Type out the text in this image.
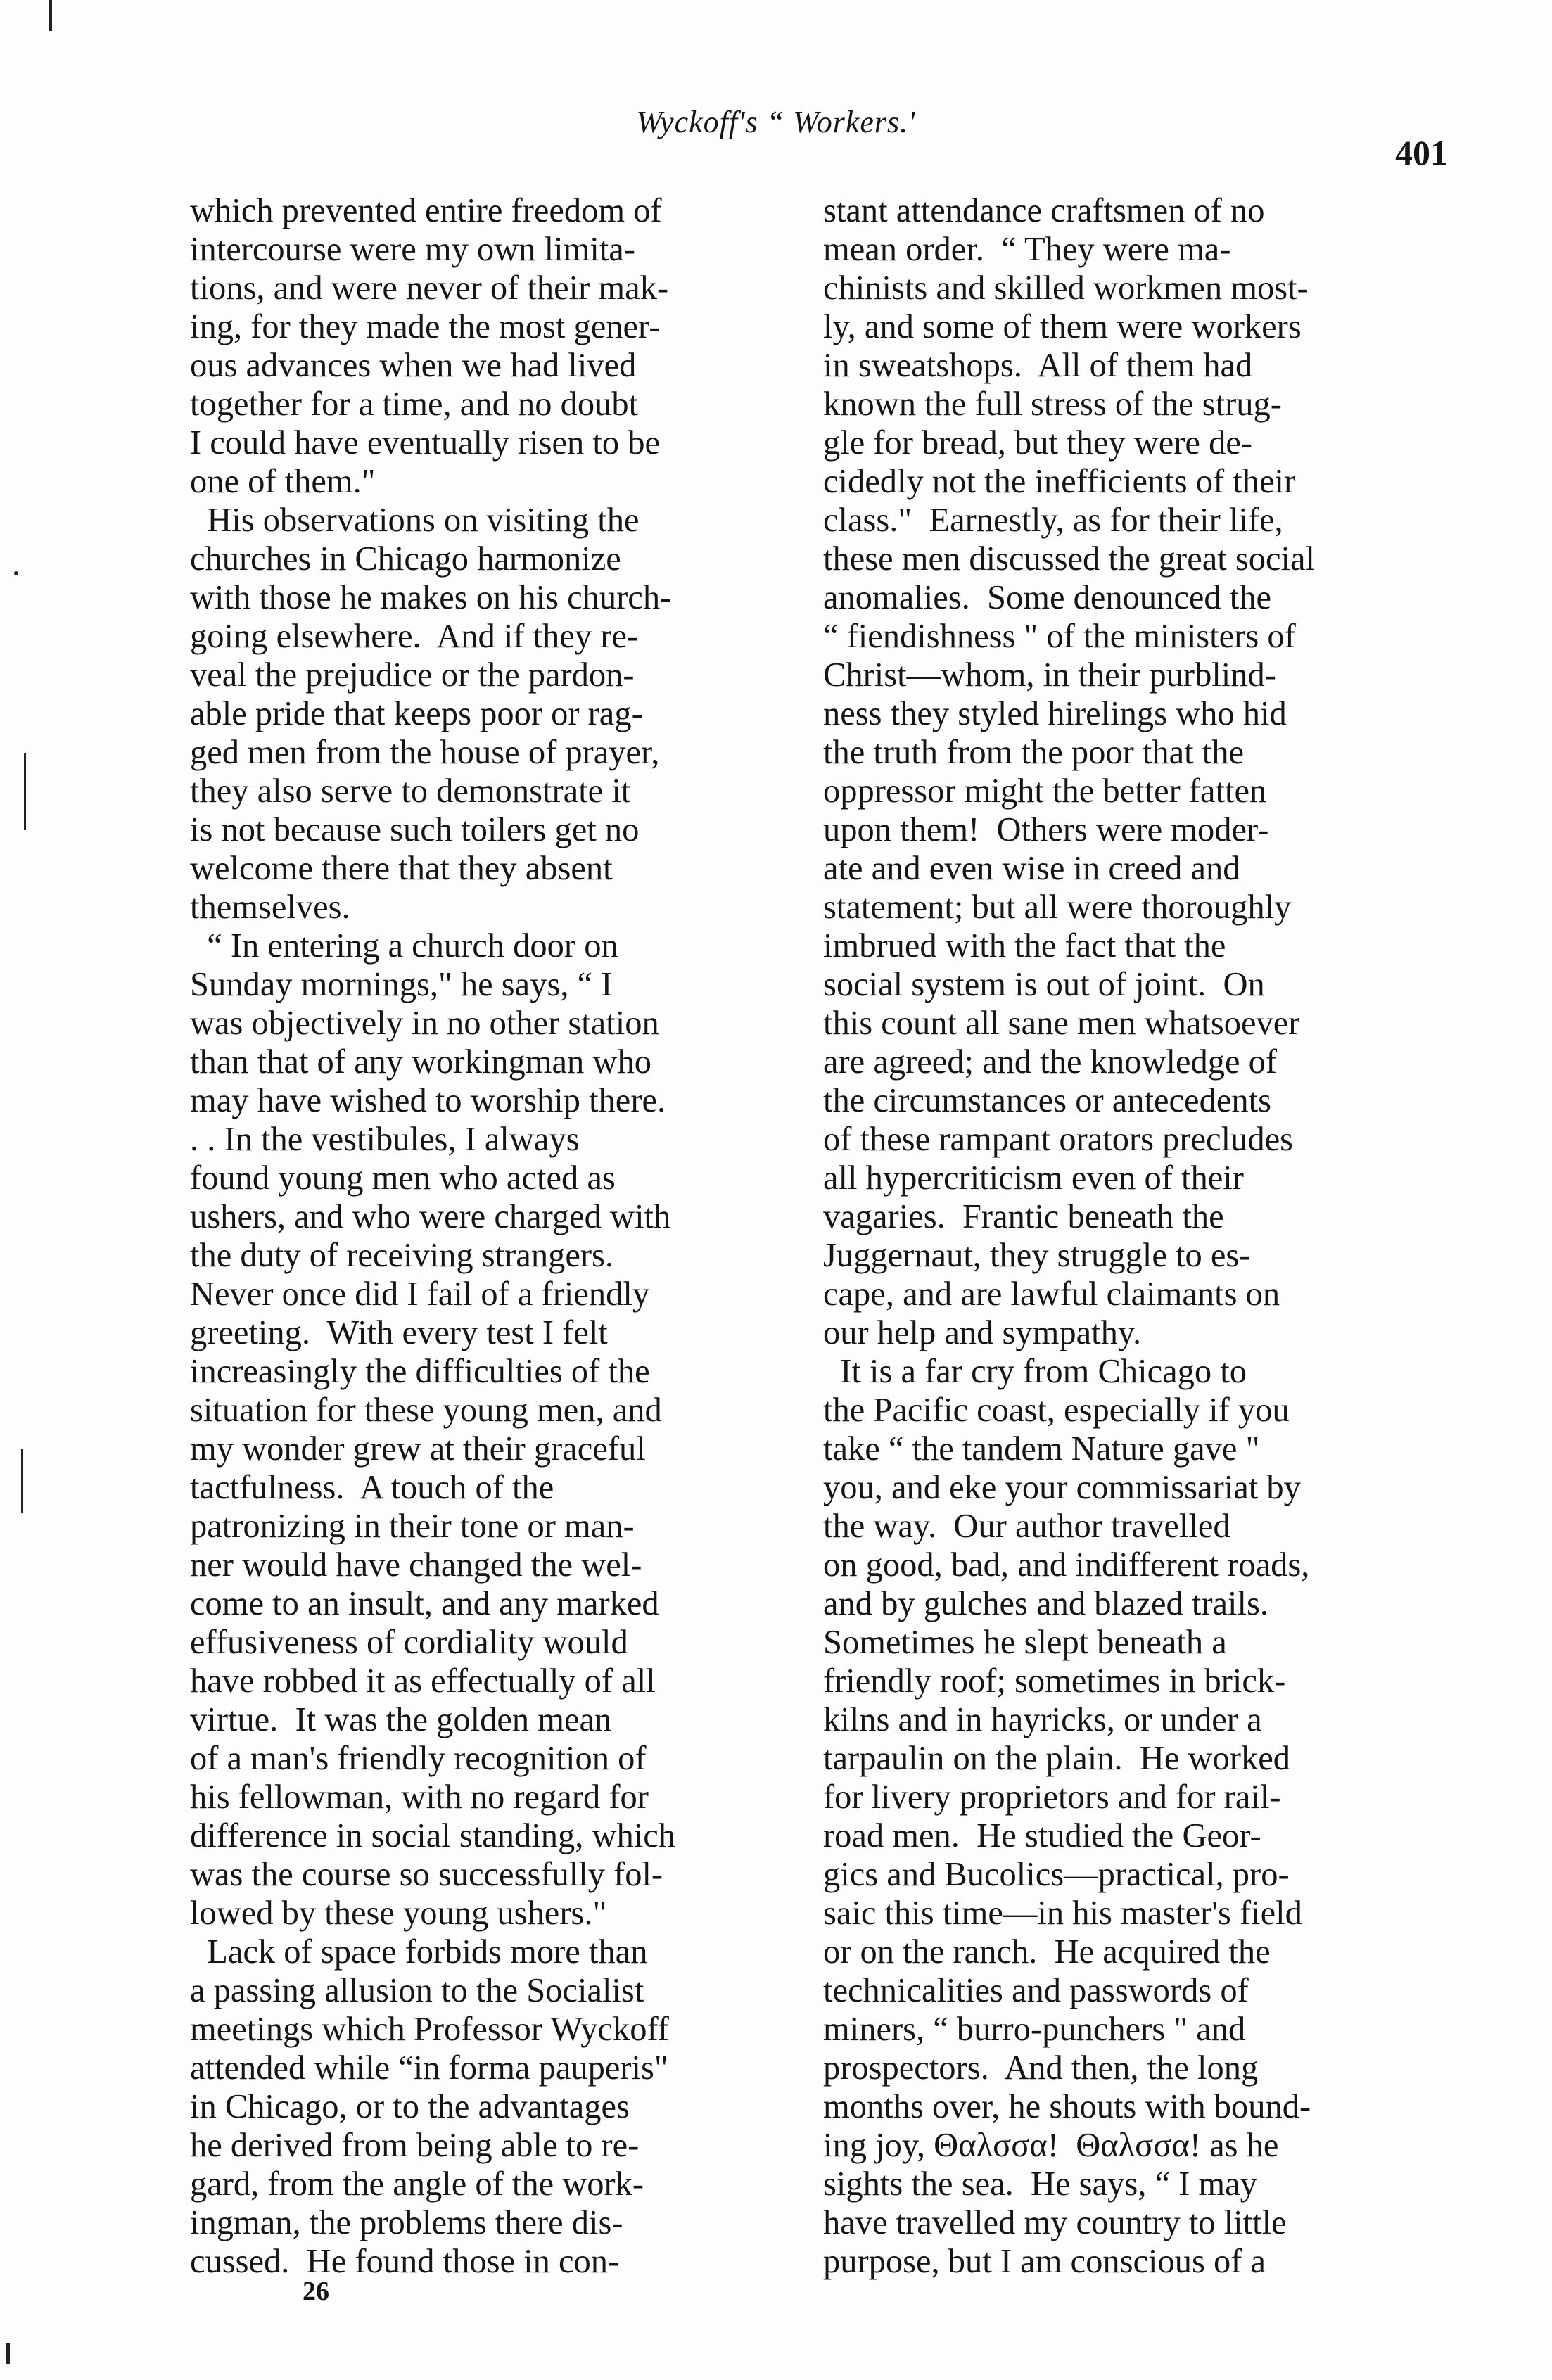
Wyckoff's “ Workers.'
401
which prevented entire freedom of
intercourse were my own limita-
tions, and were never of their mak-
ing, for they made the most gener-
ous advances when we had lived
together for a time, and no doubt
I could have eventually risen to be
one of them."
His observations on visiting the
churches in Chicago harmonize
with those he makes on his church-
going elsewhere.  And if they re-
veal the prejudice or the pardon-
able pride that keeps poor or rag-
ged men from the house of prayer,
they also serve to demonstrate it
is not because such toilers get no
welcome there that they absent
themselves.
“ In entering a church door on
Sunday mornings," he says, “ I
was objectively in no other station
than that of any workingman who
may have wished to worship there.
. . In the vestibules, I always
found young men who acted as
ushers, and who were charged with
the duty of receiving strangers.
Never once did I fail of a friendly
greeting.  With every test I felt
increasingly the difficulties of the
situation for these young men, and
my wonder grew at their graceful
tactfulness.  A touch of the
patronizing in their tone or man-
ner would have changed the wel-
come to an insult, and any marked
effusiveness of cordiality would
have robbed it as effectually of all
virtue.  It was the golden mean
of a man's friendly recognition of
his fellowman, with no regard for
difference in social standing, which
was the course so successfully fol-
lowed by these young ushers."
Lack of space forbids more than
a passing allusion to the Socialist
meetings which Professor Wyckoff
attended while “in forma pauperis"
in Chicago, or to the advantages
he derived from being able to re-
gard, from the angle of the work-
ingman, the problems there dis-
cussed.  He found those in con-
stant attendance craftsmen of no
mean order.  “ They were ma-
chinists and skilled workmen most-
ly, and some of them were workers
in sweatshops.  All of them had
known the full stress of the strug-
gle for bread, but they were de-
cidedly not the inefficients of their
class."  Earnestly, as for their life,
these men discussed the great social
anomalies.  Some denounced the
“ fiendishness " of the ministers of
Christ—whom, in their purblind-
ness they styled hirelings who hid
the truth from the poor that the
oppressor might the better fatten
upon them!  Others were moder-
ate and even wise in creed and
statement; but all were thoroughly
imbrued with the fact that the
social system is out of joint.  On
this count all sane men whatsoever
are agreed; and the knowledge of
the circumstances or antecedents
of these rampant orators precludes
all hypercriticism even of their
vagaries.  Frantic beneath the
Juggernaut, they struggle to es-
cape, and are lawful claimants on
our help and sympathy.
It is a far cry from Chicago to
the Pacific coast, especially if you
take “ the tandem Nature gave "
you, and eke your commissariat by
the way.  Our author travelled
on good, bad, and indifferent roads,
and by gulches and blazed trails.
Sometimes he slept beneath a
friendly roof; sometimes in brick-
kilns and in hayricks, or under a
tarpaulin on the plain.  He worked
for livery proprietors and for rail-
road men.  He studied the Geor-
gics and Bucolics—practical, pro-
saic this time—in his master's field
or on the ranch.  He acquired the
technicalities and passwords of
miners, “ burro-punchers " and
prospectors.  And then, the long
months over, he shouts with bound-
ing joy, Θαλσσα!  Θαλσσα! as he
sights the sea.  He says, “ I may
have travelled my country to little
purpose, but I am conscious of a
26
